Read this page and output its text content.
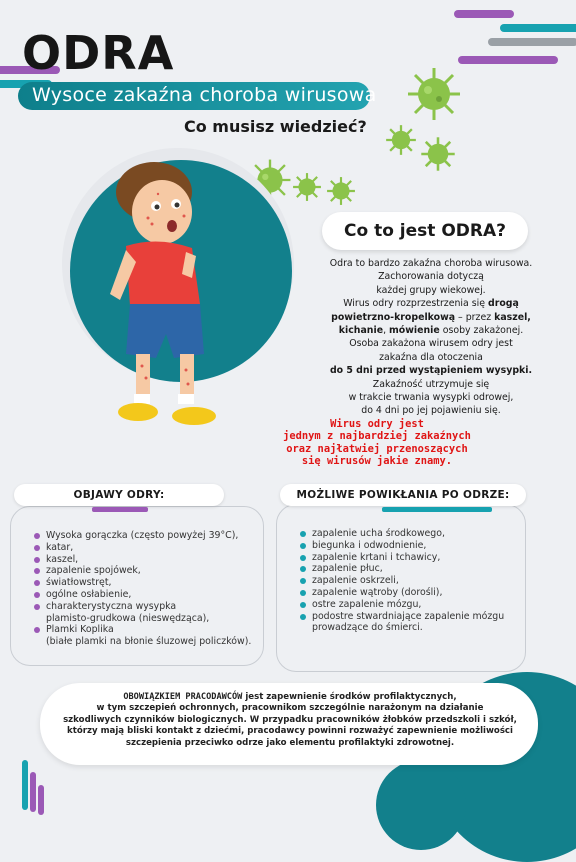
ODRA
Wysoce zakaźna choroba wirusowa
Co musisz wiedzieć?
Co to jest ODRA?
Odra to bardzo zakaźna choroba wirusowa.
Zachorowania dotyczą
każdej grupy wiekowej.
Wirus odry rozprzestrzenia się drogą
powietrzno-kropelkową – przez kaszel,
kichanie, mówienie osoby zakażonej.
Osoba zakażona wirusem odry jest
zakaźna dla otoczenia
do 5 dni przed wystąpieniem wysypki.
Zakaźność utrzymuje się
w trakcie trwania wysypki odrowej,
do 4 dni po jej pojawieniu się.
Wirus odry jest
jednym z najbardziej zakaźnych
oraz najłatwiej przenoszących
się wirusów jakie znamy.
OBJAWY ODRY:
Wysoka gorączka (często powyżej 39°C),
katar,
kaszel,
zapalenie spojówek,
światłowstręt,
ogólne osłabienie,
charakterystyczna wysypka
plamisto-grudkowa (nieswędząca),
Plamki Koplika
(białe plamki na błonie śluzowej policzków).
MOŻLIWE POWIKŁANIA PO ODRZE:
zapalenie ucha środkowego,
biegunka i odwodnienie,
zapalenie krtani i tchawicy,
zapalenie płuc,
zapalenie oskrzeli,
zapalenie wątroby (dorośli),
ostre zapalenie mózgu,
podostre stwardniające zapalenie mózgu
prowadzące do śmierci.
OBOWIĄZKIEM PRACODAWCÓW jest zapewnienie środków profilaktycznych,
w tym szczepień ochronnych, pracownikom szczególnie narażonym na działanie
szkodliwych czynników biologicznych. W przypadku pracowników żłobków przedszkoli i szkół,
którzy mają bliski kontakt z dziećmi, pracodawcy powinni rozważyć zapewnienie możliwości
szczepienia przeciwko odrze jako elementu profilaktyki zdrowotnej.
